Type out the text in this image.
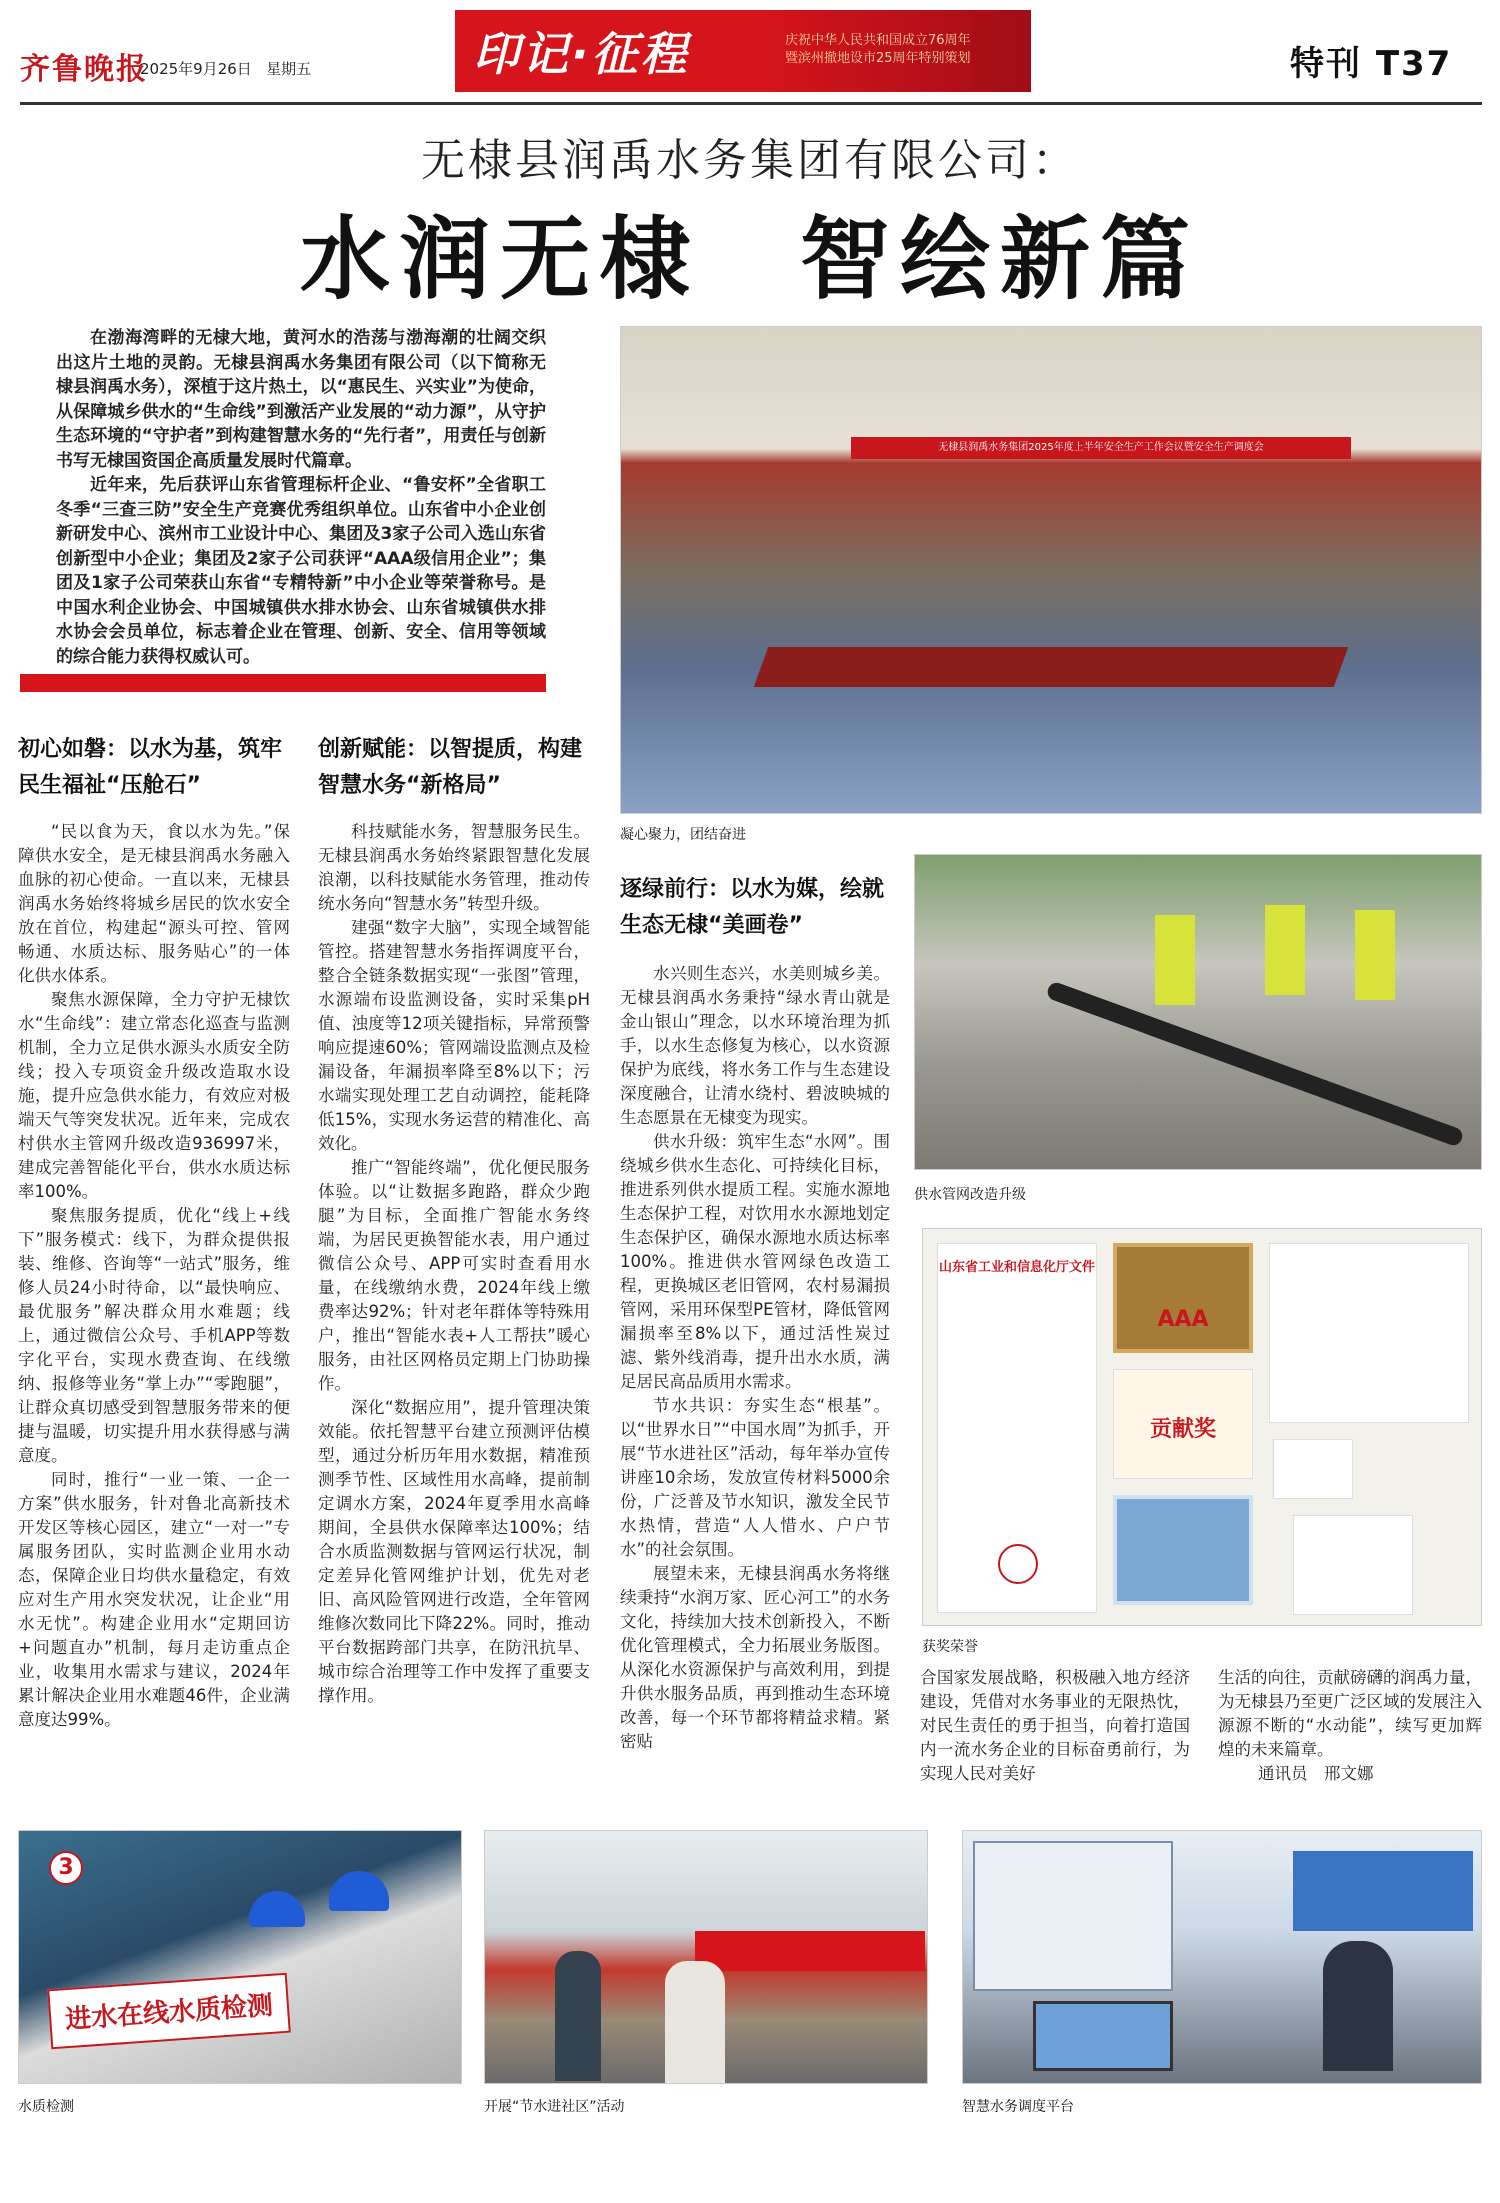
齐鲁晚报
2025年9月26日 星期五	印记·征程	庆祝中华人民共和国成立76周年
暨滨州撤地设市25周年特别策划	特刊 T37
无棣县润禹水务集团有限公司：
水润无棣　智绘新篇

在渤海湾畔的无棣大地，黄河水的浩荡与渤海潮的壮阔交织出这片土地的灵韵。无棣县润禹水务集团有限公司（以下简称无棣县润禹水务），深植于这片热土，以“惠民生、兴实业”为使命，从保障城乡供水的“生命线”到激活产业发展的“动力源”，从守护生态环境的“守护者”到构建智慧水务的“先行者”，用责任与创新书写无棣国资国企高质量发展时代篇章。

近年来，先后获评山东省管理标杆企业、“鲁安杯”全省职工冬季“三查三防”安全生产竞赛优秀组织单位。山东省中小企业创新研发中心、滨州市工业设计中心、集团及3家子公司入选山东省创新型中小企业；集团及2家子公司获评“AAA级信用企业”；集团及1家子公司荣获山东省“专精特新”中小企业等荣誉称号。是中国水利企业协会、中国城镇供水排水协会、山东省城镇供水排水协会会员单位，标志着企业在管理、创新、安全、信用等领域的综合能力获得权威认可。

无棣县润禹水务集团2025年度上半年安全生产工作会议暨安全生产调度会
凝心聚力，团结奋进
初心如磐：以水为基，筑牢民生福祉“压舱石”

“民以食为天，食以水为先。”保障供水安全，是无棣县润禹水务融入血脉的初心使命。一直以来，无棣县润禹水务始终将城乡居民的饮水安全放在首位，构建起“源头可控、管网畅通、水质达标、服务贴心”的一体化供水体系。

聚焦水源保障，全力守护无棣饮水“生命线”：建立常态化巡查与监测机制，全力立足供水源头水质安全防线；投入专项资金升级改造取水设施，提升应急供水能力，有效应对极端天气等突发状况。近年来，完成农村供水主管网升级改造936997米，建成完善智能化平台，供水水质达标率100%。

聚焦服务提质，优化“线上+线下”服务模式：线下，为群众提供报装、维修、咨询等“一站式”服务，维修人员24小时待命，以“最快响应、最优服务”解决群众用水难题；线上，通过微信公众号、手机APP等数字化平台，实现水费查询、在线缴纳、报修等业务“掌上办”“零跑腿”，让群众真切感受到智慧服务带来的便捷与温暖，切实提升用水获得感与满意度。

同时，推行“一业一策、一企一方案”供水服务，针对鲁北高新技术开发区等核心园区，建立“一对一”专属服务团队，实时监测企业用水动态，保障企业日均供水量稳定，有效应对生产用水突发状况，让企业“用水无忧”。构建企业用水“定期回访+问题直办”机制，每月走访重点企业，收集用水需求与建议，2024年累计解决企业用水难题46件，企业满意度达99%。

创新赋能：以智提质，构建智慧水务“新格局”

科技赋能水务，智慧服务民生。无棣县润禹水务始终紧跟智慧化发展浪潮，以科技赋能水务管理，推动传统水务向“智慧水务”转型升级。

建强“数字大脑”，实现全域智能管控。搭建智慧水务指挥调度平台，整合全链条数据实现“一张图”管理，水源端布设监测设备，实时采集pH值、浊度等12项关键指标，异常预警响应提速60%；管网端设监测点及检漏设备，年漏损率降至8%以下；污水端实现处理工艺自动调控，能耗降低15%，实现水务运营的精准化、高效化。

推广“智能终端”，优化便民服务体验。以“让数据多跑路，群众少跑腿”为目标，全面推广智能水务终端，为居民更换智能水表，用户通过微信公众号、APP可实时查看用水量，在线缴纳水费，2024年线上缴费率达92%；针对老年群体等特殊用户，推出“智能水表+人工帮扶”暖心服务，由社区网格员定期上门协助操作。

深化“数据应用”，提升管理决策效能。依托智慧平台建立预测评估模型，通过分析历年用水数据，精准预测季节性、区域性用水高峰，提前制定调水方案，2024年夏季用水高峰期间，全县供水保障率达100%；结合水质监测数据与管网运行状况，制定差异化管网维护计划，优先对老旧、高风险管网进行改造，全年管网维修次数同比下降22%。同时，推动平台数据跨部门共享，在防汛抗旱、城市综合治理等工作中发挥了重要支撑作用。

逐绿前行：以水为媒，绘就生态无棣“美画卷”

水兴则生态兴，水美则城乡美。无棣县润禹水务秉持“绿水青山就是金山银山”理念，以水环境治理为抓手，以水生态修复为核心，以水资源保护为底线，将水务工作与生态建设深度融合，让清水绕村、碧波映城的生态愿景在无棣变为现实。

供水升级：筑牢生态“水网”。围绕城乡供水生态化、可持续化目标，推进系列供水提质工程。实施水源地生态保护工程，对饮用水水源地划定生态保护区，确保水源地水质达标率100%。推进供水管网绿色改造工程，更换城区老旧管网，农村易漏损管网，采用环保型PE管材，降低管网漏损率至8%以下，通过活性炭过滤、紫外线消毒，提升出水水质，满足居民高品质用水需求。

节水共识：夯实生态“根基”。以“世界水日”“中国水周”为抓手，开展“节水进社区”活动，每年举办宣传讲座10余场，发放宣传材料5000余份，广泛普及节水知识，激发全民节水热情，营造“人人惜水、户户节水”的社会氛围。

展望未来，无棣县润禹水务将继续秉持“水润万家、匠心河工”的水务文化，持续加大技术创新投入，不断优化管理模式，全力拓展业务版图。从深化水资源保护与高效利用，到提升供水服务品质，再到推动生态环境改善，每一个环节都将精益求精。紧密贴

供水管网改造升级
山东省工业和信息化厅文件
AAA
贡献奖
获奖荣誉

合国家发展战略，积极融入地方经济建设，凭借对水务事业的无限热忱，对民生责任的勇于担当，向着打造国内一流水务企业的目标奋勇前行，为实现人民对美好

生活的向往，贡献磅礴的润禹力量，为无棣县乃至更广泛区域的发展注入源源不断的“水动能”，续写更加辉煌的未来篇章。

通讯员　邢文娜
3
进水在线水质检测
水质检测	开展“节水进社区”活动	智慧水务调度平台
